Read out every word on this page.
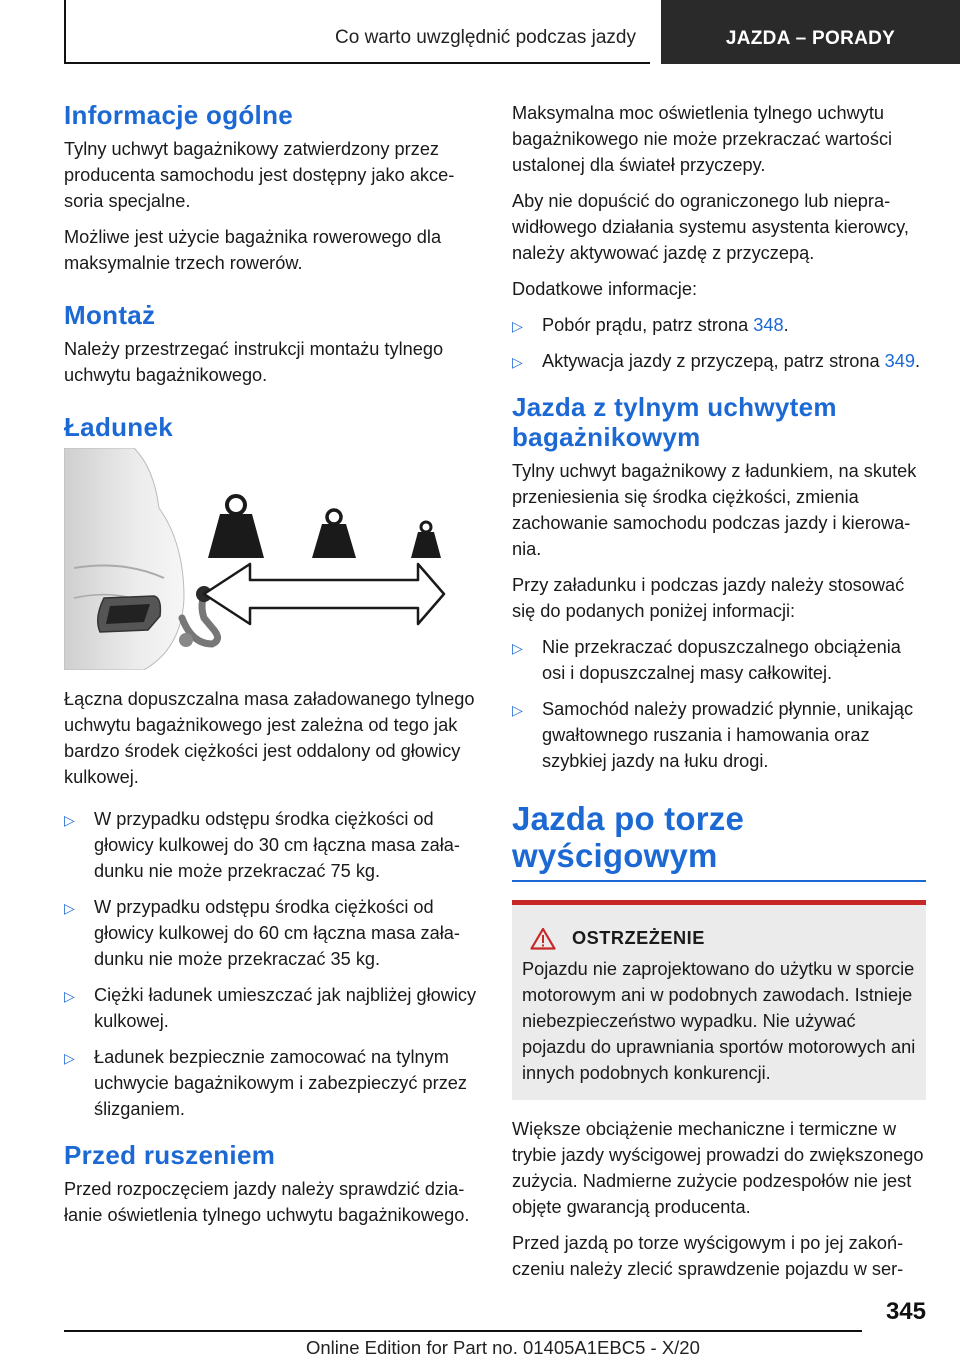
Co warto uwzględnić podczas jazdy	JAZDA – PORADY
Informacje ogólne

Tylny uchwyt bagażnikowy zatwierdzony przez producenta samochodu jest dostępny jako akcesoria specjalne.

Możliwe jest użycie bagażnika rowerowego dla maksymalnie trzech rowerów.

Montaż

Należy przestrzegać instrukcji montażu tylnego uchwytu bagażnikowego.

Ładunek

Łączna dopuszczalna masa załadowanego tylnego uchwytu bagażnikowego jest zależna od tego jak bardzo środek ciężkości jest oddalony od głowicy kulkowej.

▷ W przypadku odstępu środka ciężkości od głowicy kulkowej do 30 cm łączna masa załadunku nie może przekraczać 75 kg.
▷ W przypadku odstępu środka ciężkości od głowicy kulkowej do 60 cm łączna masa załadunku nie może przekraczać 35 kg.
▷ Ciężki ładunek umieszczać jak najbliżej głowicy kulkowej.
▷ Ładunek bezpiecznie zamocować na tylnym uchwycie bagażnikowym i zabezpieczyć przez ślizganiem.
Przed ruszeniem

Przed rozpoczęciem jazdy należy sprawdzić działanie oświetlenia tylnego uchwytu bagażnikowego.

Maksymalna moc oświetlenia tylnego uchwytu bagażnikowego nie może przekraczać wartości ustalonej dla świateł przyczepy.

Aby nie dopuścić do ograniczonego lub nieprawidłowego działania systemu asystenta kierowcy, należy aktywować jazdę z przyczepą.

Dodatkowe informacje:

▷ Pobór prądu, patrz strona 348.
▷ Aktywacja jazdy z przyczepą, patrz strona 349.
Jazda z tylnym uchwytem bagażnikowym

Tylny uchwyt bagażnikowy z ładunkiem, na skutek przeniesienia się środka ciężkości, zmienia zachowanie samochodu podczas jazdy i kierowania.

Przy załadunku i podczas jazdy należy stosować się do podanych poniżej informacji:

▷ Nie przekraczać dopuszczalnego obciążenia osi i dopuszczalnej masy całkowitej.
▷ Samochód należy prowadzić płynnie, unikając gwałtownego ruszania i hamowania oraz szybkiej jazdy na łuku drogi.
Jazda po torze wyścigowym
OSTRZEŻENIE

Pojazdu nie zaprojektowano do użytku w sporcie motorowym ani w podobnych zawodach. Istnieje niebezpieczeństwo wypadku. Nie używać pojazdu do uprawniania sportów motorowych ani innych podobnych konkurencji.

Większe obciążenie mechaniczne i termiczne w trybie jazdy wyścigowej prowadzi do zwiększonego zużycia. Nadmierne zużycie podzespołów nie jest objęte gwarancją producenta.

Przed jazdą po torze wyścigowym i po jej zakończeniu należy zlecić sprawdzenie pojazdu w ser-

345
Online Edition for Part no. 01405A1EBC5 - X/20
